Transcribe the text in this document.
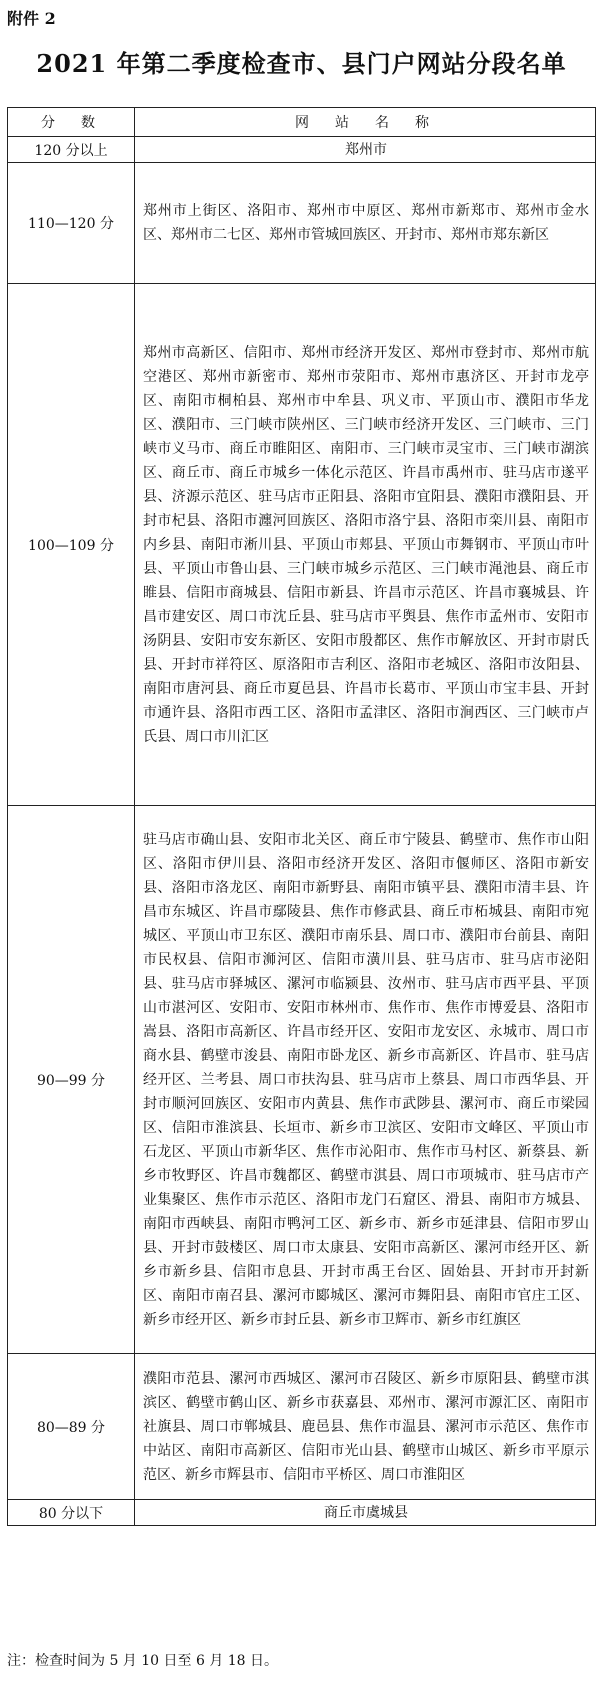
附件 2
2021 年第二季度检查市、县门户网站分段名单
分　数	网　站　名　称
120 分以上	郑州市
110—120 分	郑州市上街区、洛阳市、郑州市中原区、郑州市新郑市、郑州市金水区、郑州市二七区、郑州市管城回族区、开封市、郑州市郑东新区
100—109 分	郑州市高新区、信阳市、郑州市经济开发区、郑州市登封市、郑州市航空港区、郑州市新密市、郑州市荥阳市、郑州市惠济区、开封市龙亭区、南阳市桐柏县、郑州市中牟县、巩义市、平顶山市、濮阳市华龙区、濮阳市、三门峡市陕州区、三门峡市经济开发区、三门峡市、三门峡市义马市、商丘市睢阳区、南阳市、三门峡市灵宝市、三门峡市湖滨区、商丘市、商丘市城乡一体化示范区、许昌市禹州市、驻马店市遂平县、济源示范区、驻马店市正阳县、洛阳市宜阳县、濮阳市濮阳县、开封市杞县、洛阳市瀍河回族区、洛阳市洛宁县、洛阳市栾川县、南阳市内乡县、南阳市淅川县、平顶山市郏县、平顶山市舞钢市、平顶山市叶县、平顶山市鲁山县、三门峡市城乡示范区、三门峡市渑池县、商丘市睢县、信阳市商城县、信阳市新县、许昌市示范区、许昌市襄城县、许昌市建安区、周口市沈丘县、驻马店市平舆县、焦作市孟州市、安阳市汤阴县、安阳市安东新区、安阳市殷都区、焦作市解放区、开封市尉氏县、开封市祥符区、原洛阳市吉利区、洛阳市老城区、洛阳市汝阳县、南阳市唐河县、商丘市夏邑县、许昌市长葛市、平顶山市宝丰县、开封市通许县、洛阳市西工区、洛阳市孟津区、洛阳市涧西区、三门峡市卢氏县、周口市川汇区
90—99 分	驻马店市确山县、安阳市北关区、商丘市宁陵县、鹤壁市、焦作市山阳区、洛阳市伊川县、洛阳市经济开发区、洛阳市偃师区、洛阳市新安县、洛阳市洛龙区、南阳市新野县、南阳市镇平县、濮阳市清丰县、许昌市东城区、许昌市鄢陵县、焦作市修武县、商丘市柘城县、南阳市宛城区、平顶山市卫东区、濮阳市南乐县、周口市、濮阳市台前县、南阳市民权县、信阳市浉河区、信阳市潢川县、驻马店市、驻马店市泌阳县、驻马店市驿城区、漯河市临颍县、汝州市、驻马店市西平县、平顶山市湛河区、安阳市、安阳市林州市、焦作市、焦作市博爱县、洛阳市嵩县、洛阳市高新区、许昌市经开区、安阳市龙安区、永城市、周口市商水县、鹤壁市浚县、南阳市卧龙区、新乡市高新区、许昌市、驻马店经开区、兰考县、周口市扶沟县、驻马店市上蔡县、周口市西华县、开封市顺河回族区、安阳市内黄县、焦作市武陟县、漯河市、商丘市梁园区、信阳市淮滨县、长垣市、新乡市卫滨区、安阳市文峰区、平顶山市石龙区、平顶山市新华区、焦作市沁阳市、焦作市马村区、新蔡县、新乡市牧野区、许昌市魏都区、鹤壁市淇县、周口市项城市、驻马店市产业集聚区、焦作市示范区、洛阳市龙门石窟区、滑县、南阳市方城县、南阳市西峡县、南阳市鸭河工区、新乡市、新乡市延津县、信阳市罗山县、开封市鼓楼区、周口市太康县、安阳市高新区、漯河市经开区、新乡市新乡县、信阳市息县、开封市禹王台区、固始县、开封市开封新区、南阳市南召县、漯河市郾城区、漯河市舞阳县、南阳市官庄工区、新乡市经开区、新乡市封丘县、新乡市卫辉市、新乡市红旗区
80—89 分	濮阳市范县、漯河市西城区、漯河市召陵区、新乡市原阳县、鹤壁市淇滨区、鹤壁市鹤山区、新乡市获嘉县、邓州市、漯河市源汇区、南阳市社旗县、周口市郸城县、鹿邑县、焦作市温县、漯河市示范区、焦作市中站区、南阳市高新区、信阳市光山县、鹤壁市山城区、新乡市平原示范区、新乡市辉县市、信阳市平桥区、周口市淮阳区
80 分以下	商丘市虞城县
注：检查时间为 5 月 10 日至 6 月 18 日。
